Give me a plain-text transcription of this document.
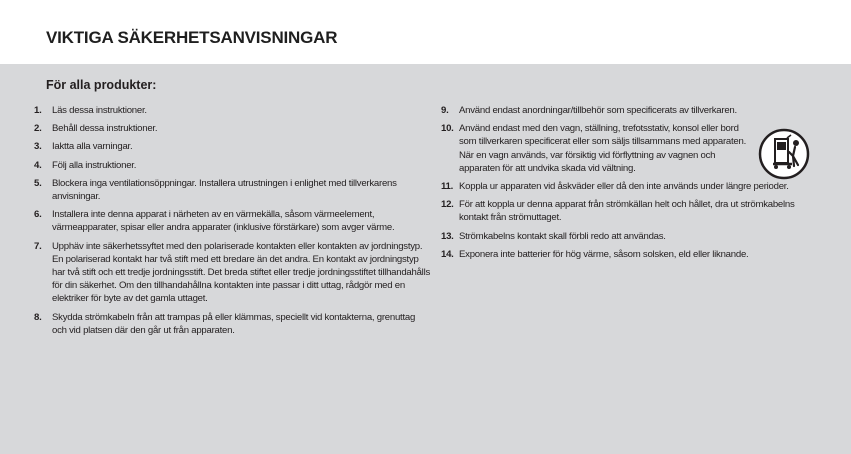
VIKTIGA SÄKERHETSANVISNINGAR
För alla produkter:
1.	Läs dessa instruktioner.
2.	Behåll dessa instruktioner.
3.	Iaktta alla varningar.
4.	Följ alla instruktioner.
5.	Blockera inga ventilationsöppningar. Installera utrustningen i enlighet med tillverkarens anvisningar.
6.	Installera inte denna apparat i närheten av en värmekälla, såsom värmeelement, värmeapparater, spisar eller andra apparater (inklusive förstärkare) som avger värme.
7.	Upphäv inte säkerhetssyftet med den polariserade kontakten eller kontakten av jordningstyp. En polariserad kontakt har två stift med ett bredare än det andra. En kontakt av jordningstyp har två stift och ett tredje jordningsstift. Det breda stiftet eller tredje jordningsstiftet tillhandahålls för din säkerhet. Om den tillhandahållna kontakten inte passar i ditt uttag, rådgör med en elektriker för byte av det gamla uttaget.
8.	Skydda strömkabeln från att trampas på eller klämmas, speciellt vid kontakterna, grenuttag och vid platsen där den går ut från apparaten.
9.	Använd endast anordningar/tillbehör som specificerats av tillverkaren.
10. Använd endast med den vagn, ställning, trefotsstativ, konsol eller bord som tillverkaren specificerat eller som säljs tillsammans med apparaten. När en vagn används, var försiktig vid förflyttning av vagnen och apparaten för att undvika skada vid vältning.
11. Koppla ur apparaten vid åskväder eller då den inte används under längre perioder.
12. För att koppla ur denna apparat från strömkällan helt och hållet, dra ut strömkabelns kontakt från strömuttaget.
13. Strömkabelns kontakt skall förbli redo att användas.
14. Exponera inte batterier för hög värme, såsom solsken, eld eller liknande.
